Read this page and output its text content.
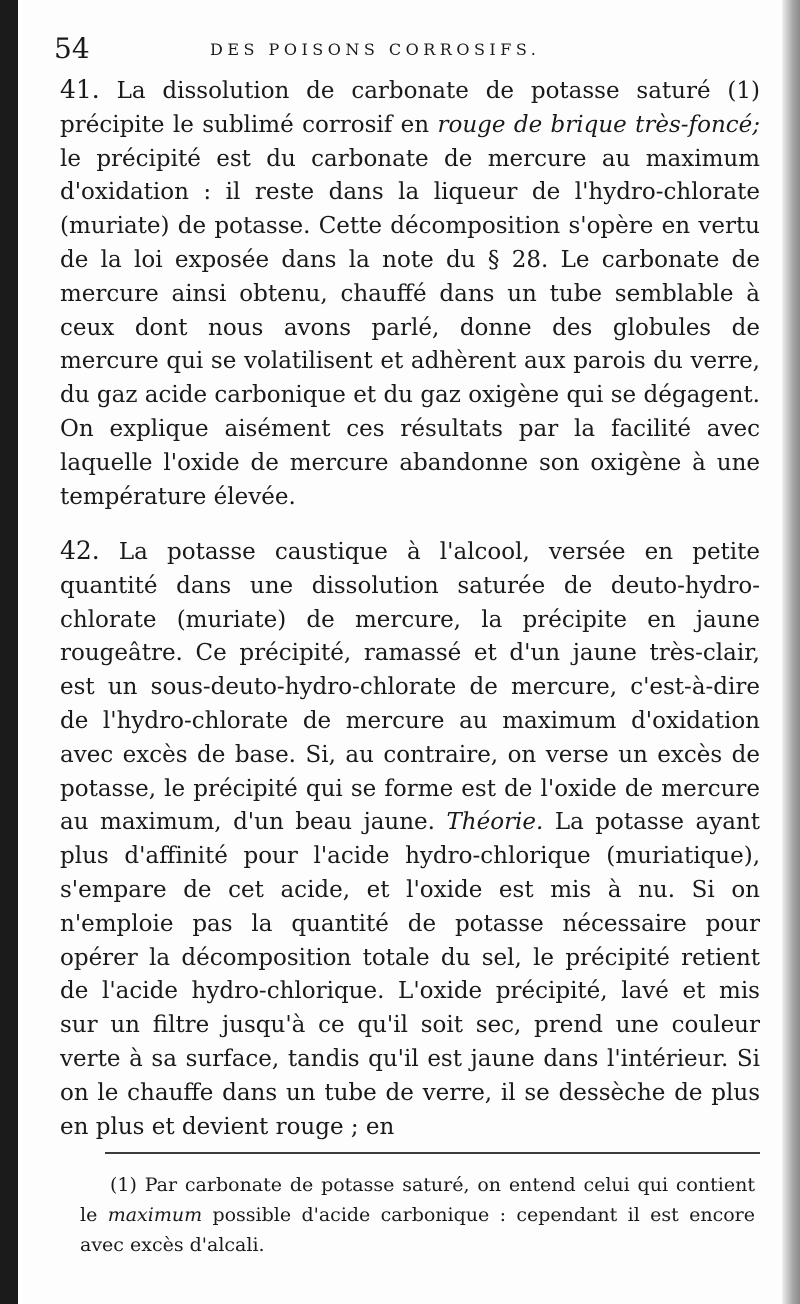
54	DES POISONS CORROSIFS.

41. La dissolution de carbonate de potasse saturé (1) précipite le sublimé corrosif en rouge de brique très-foncé; le précipité est du carbonate de mercure au maximum d'oxidation : il reste dans la liqueur de l'hydro-chlorate (muriate) de potasse. Cette décomposition s'opère en vertu de la loi exposée dans la note du § 28. Le carbonate de mercure ainsi obtenu, chauffé dans un tube semblable à ceux dont nous avons parlé, donne des globules de mercure qui se volatilisent et adhèrent aux parois du verre, du gaz acide carbonique et du gaz oxigène qui se dégagent. On explique aisément ces résultats par la facilité avec laquelle l'oxide de mercure abandonne son oxigène à une température élevée.

42. La potasse caustique à l'alcool, versée en petite quantité dans une dissolution saturée de deuto-hydro-chlorate (muriate) de mercure, la précipite en jaune rougeâtre. Ce précipité, ramassé et d'un jaune très-clair, est un sous-deuto-hydro-chlorate de mercure, c'est-à-dire de l'hydro-chlorate de mercure au maximum d'oxidation avec excès de base. Si, au contraire, on verse un excès de potasse, le précipité qui se forme est de l'oxide de mercure au maximum, d'un beau jaune. Théorie. La potasse ayant plus d'affinité pour l'acide hydro-chlorique (muriatique), s'empare de cet acide, et l'oxide est mis à nu. Si on n'emploie pas la quantité de potasse nécessaire pour opérer la décomposition totale du sel, le précipité retient de l'acide hydro-chlorique. L'oxide précipité, lavé et mis sur un filtre jusqu'à ce qu'il soit sec, prend une couleur verte à sa surface, tandis qu'il est jaune dans l'intérieur. Si on le chauffe dans un tube de verre, il se dessèche de plus en plus et devient rouge ; en

(1) Par carbonate de potasse saturé, on entend celui qui contient le maximum possible d'acide carbonique : cependant il est encore avec excès d'alcali.
